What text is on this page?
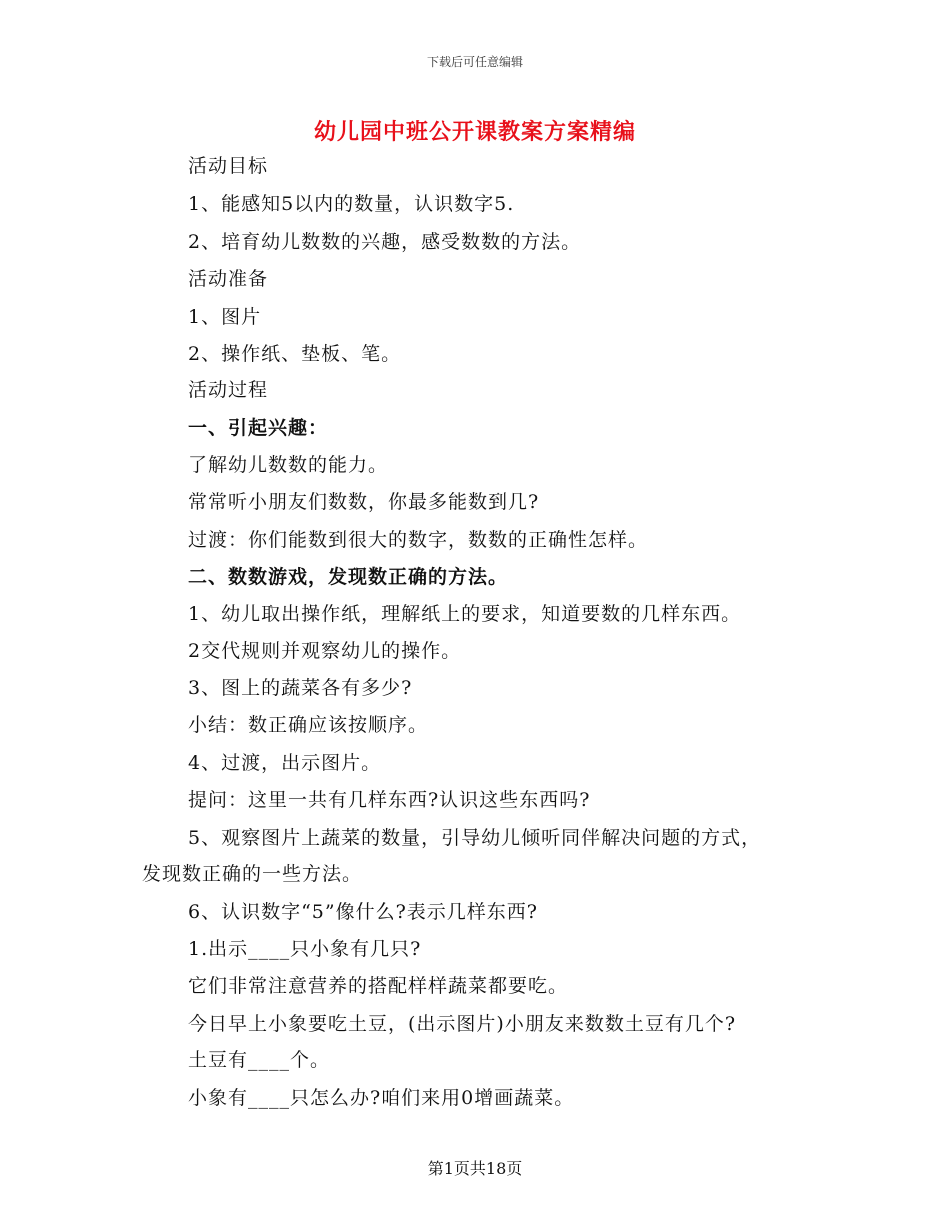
下载后可任意编辑
幼儿园中班公开课教案方案精编
活动目标
1、能感知5以内的数量，认识数字5.
2、培育幼儿数数的兴趣，感受数数的方法。
活动准备
1、图片
2、操作纸、垫板、笔。
活动过程
一、引起兴趣：
了解幼儿数数的能力。
常常听小朋友们数数，你最多能数到几?
过渡：你们能数到很大的数字，数数的正确性怎样。
二、数数游戏，发现数正确的方法。
1、幼儿取出操作纸，理解纸上的要求，知道要数的几样东西。
2交代规则并观察幼儿的操作。
3、图上的蔬菜各有多少?
小结：数正确应该按顺序。
4、过渡，出示图片。
提问：这里一共有几样东西?认识这些东西吗?
5、观察图片上蔬菜的数量，引导幼儿倾听同伴解决问题的方式，
发现数正确的一些方法。
6、认识数字“5”像什么?表示几样东西?
1.出示____只小象有几只?
它们非常注意营养的搭配样样蔬菜都要吃。
今日早上小象要吃土豆，(出示图片)小朋友来数数土豆有几个?
土豆有____个。
小象有____只怎么办?咱们来用0增画蔬菜。
第1页共18页
